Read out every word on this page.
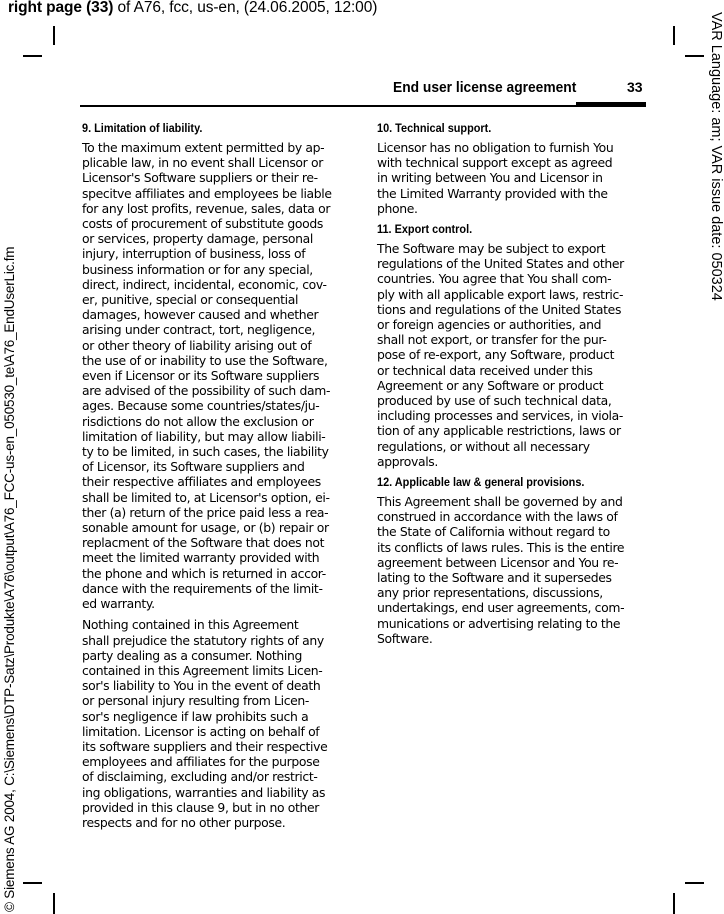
right page (33) of A76, fcc, us-en, (24.06.2005, 12:00)
VAR Language: am; VAR issue date: 050324
© Siemens AG 2004, C:\Siemens\DTP-Satz\Produkte\A76\output\A76_FCC-us-en_050530_te\A76_EndUserLic.fm
End user license agreement	33
9. Limitation of liability.
To the maximum extent permitted by ap-
plicable law, in no event shall Licensor or
Licensor's Software suppliers or their re-
specitve affiliates and employees be liable
for any lost profits, revenue, sales, data or
costs of procurement of substitute goods
or services, property damage, personal
injury, interruption of business, loss of
business information or for any special,
direct, indirect, incidental, economic, cov-
er, punitive, special or consequential
damages, however caused and whether
arising under contract, tort, negligence,
or other theory of liability arising out of
the use of or inability to use the Software,
even if Licensor or its Software suppliers
are advised of the possibility of such dam-
ages. Because some countries/states/ju-
risdictions do not allow the exclusion or
limitation of liability, but may allow liabili-
ty to be limited, in such cases, the liability
of Licensor, its Software suppliers and
their respective affiliates and employees
shall be limited to, at Licensor's option, ei-
ther (a) return of the price paid less a rea-
sonable amount for usage, or (b) repair or
replacment of the Software that does not
meet the limited warranty provided with
the phone and which is returned in accor-
dance with the requirements of the limit-
ed warranty.
Nothing contained in this Agreement
shall prejudice the statutory rights of any
party dealing as a consumer. Nothing
contained in this Agreement limits Licen-
sor's liability to You in the event of death
or personal injury resulting from Licen-
sor's negligence if law prohibits such a
limitation. Licensor is acting on behalf of
its software suppliers and their respective
employees and affiliates for the purpose
of disclaiming, excluding and/or restrict-
ing obligations, warranties and liability as
provided in this clause 9, but in no other
respects and for no other purpose.
10. Technical support.
Licensor has no obligation to furnish You
with technical support except as agreed
in writing between You and Licensor in
the Limited Warranty provided with the
phone.
11. Export control.
The Software may be subject to export
regulations of the United States and other
countries. You agree that You shall com-
ply with all applicable export laws, restric-
tions and regulations of the United States
or foreign agencies or authorities, and
shall not export, or transfer for the pur-
pose of re-export, any Software, product
or technical data received under this
Agreement or any Software or product
produced by use of such technical data,
including processes and services, in viola-
tion of any applicable restrictions, laws or
regulations, or without all necessary
approvals.
12. Applicable law & general provisions.
This Agreement shall be governed by and
construed in accordance with the laws of
the State of California without regard to
its conflicts of laws rules. This is the entire
agreement between Licensor and You re-
lating to the Software and it supersedes
any prior representations, discussions,
undertakings, end user agreements, com-
munications or advertising relating to the
Software.
